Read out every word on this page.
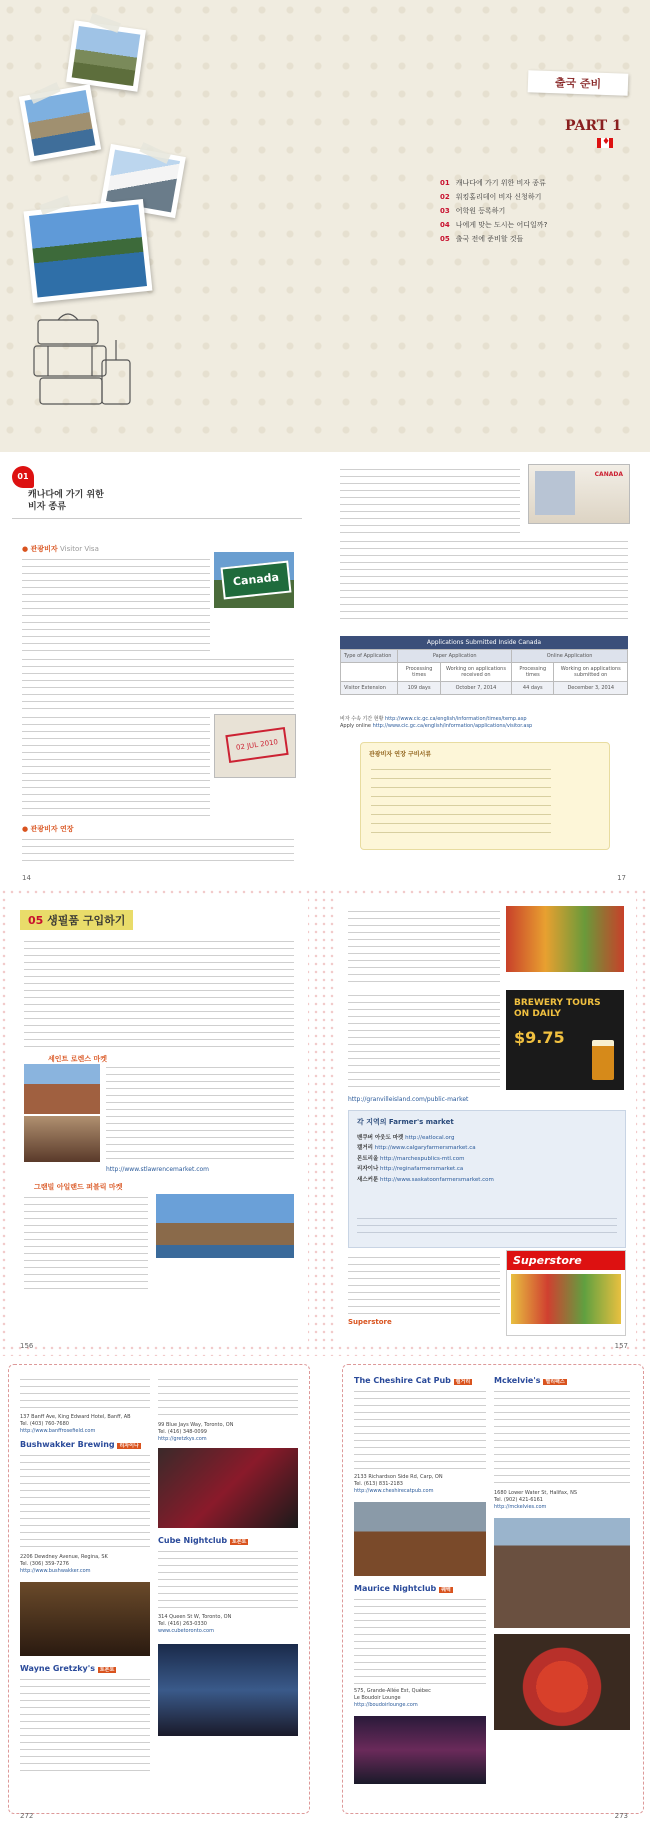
출국 준비
PART 1
♦
01 캐나다에 가기 위한 비자 종류
02 워킹홀리데이 비자 신청하기
03 어학원 등록하기
04 나에게 맞는 도시는 어디일까?
05 출국 전에 준비할 것들
01
캐나다에 가기 위한
비자 종류
● 관광비자 Visitor Visa
Canada
02 JUL 2010
● 관광비자 연장
14
CANADA
Applications Submitted Inside Canada
Type of Application	Paper Application		Online Application	
	Processing times	Working on applications received on	Processing times	Working on applications submitted on
Visitor Extension	109 days	October 7, 2014	44 days	December 3, 2014
비자 수속 기간 현황 http://www.cic.gc.ca/english/information/times/temp.asp
Apply online http://www.cic.gc.ca/english/information/applications/visitor.asp
관광비자 연장 구비서류
17
05 생필품 구입하기
세인트 로렌스 마켓
http://www.stlawrencemarket.com
그랜빌 아일랜드 퍼블릭 마켓
156
BREWERY TOURS ON DAILY
$9.75
http://granvilleisland.com/public-market
각 지역의 Farmer's market
밴쿠버 아웃도 마켓 http://eatlocal.org
캘거리 http://www.calgaryfarmersmarket.ca
몬트리올 http://marchespublics-mtl.com
리자이나 http://reginafarmersmarket.ca
새스커툰 http://www.saskatoonfarmersmarket.com
Superstore
Superstore
157
137 Banff Ave, King Edward Hotel, Banff, AB
Tel. (403) 760-7680
http://www.banffrosefield.com
Bushwakker Brewing 리자이나
2206 Dewdney Avenue, Regina, SK
Tel. (306) 359-7276
http://www.bushwakker.com
Wayne Gretzky's 토론토
272
99 Blue Jays Way, Toronto, ON
Tel. (416) 348-0099
http://gretzkys.com
Cube Nightclub 토론토
314 Queen St W, Toronto, ON
Tel. (416) 263-0330
www.cubetoronto.com
The Cheshire Cat Pub 캘거리
2133 Richardson Side Rd, Carp, ON
Tel. (613) 831-2183
http://www.cheshirecatpub.com
Maurice Nightclub 퀘벡
575, Grande-Allée Est, Québec
Le Boudoir Lounge
http://boudoirlounge.com
Mckelvie's 핼리팩스
1680 Lower Water St, Halifax, NS
Tel. (902) 421-6161
http://mckelvies.com
273
